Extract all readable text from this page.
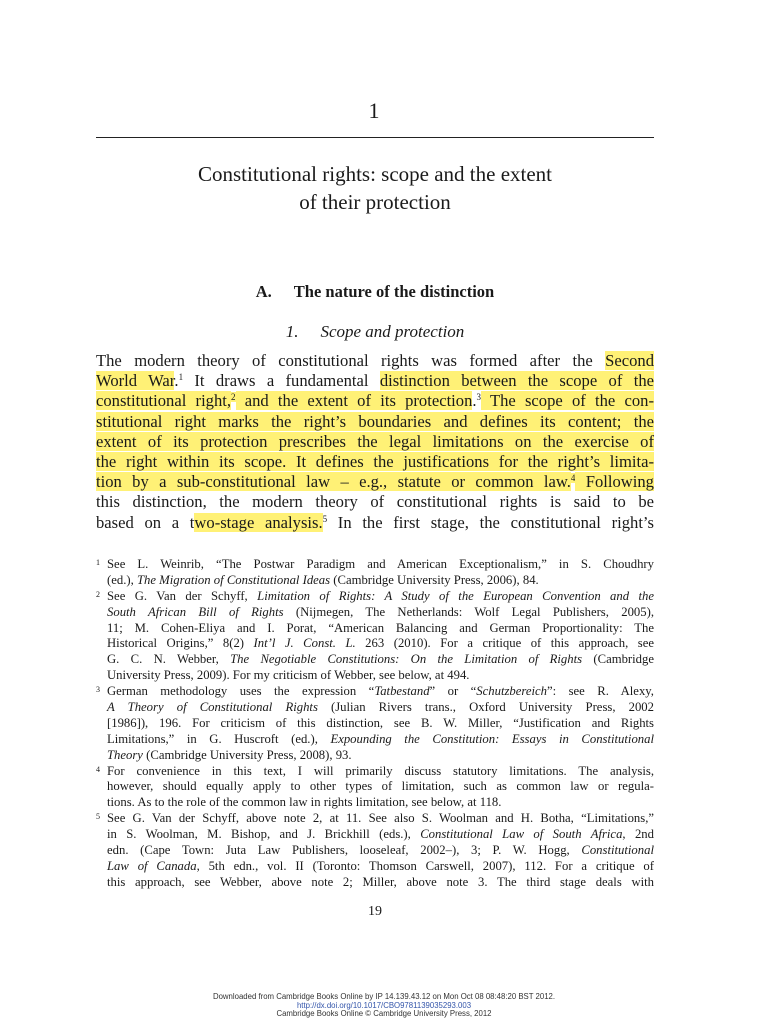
1
Constitutional rights: scope and the extent
of their protection
A. The nature of the distinction
1. Scope and protection
The modern theory of constitutional rights was formed after the Second
World War.$^1$ It draws a fundamental distinction between the scope of the
constitutional right,$^2$ and the extent of its protection.$^3$ The scope of the con-
stitutional right marks the right’s boundaries and defines its content; the
extent of its protection prescribes the legal limitations on the exercise of
the right within its scope. It defines the justifications for the right’s limita-
tion by a sub-constitutional law – e.g., statute or common law.$^4$ Following
this distinction, the modern theory of constitutional rights is said to be
based on a two-stage analysis.$^5$ In the first stage, the constitutional right’s
1 See L. Weinrib, “The Postwar Paradigm and American Exceptionalism,” in S. Choudhry
(ed.), The Migration of Constitutional Ideas (Cambridge University Press, 2006), 84.
2 See G. Van der Schyff, Limitation of Rights: A Study of the European Convention and the
South African Bill of Rights (Nijmegen, The Netherlands: Wolf Legal Publishers, 2005),
11; M. Cohen-Eliya and I. Porat, “American Balancing and German Proportionality: The
Historical Origins,” 8(2) Int’l J. Const. L. 263 (2010). For a critique of this approach, see
G. C. N. Webber, The Negotiable Constitutions: On the Limitation of Rights (Cambridge
University Press, 2009). For my criticism of Webber, see below, at 494.
3 German methodology uses the expression “Tatbestand” or “Schutzbereich”: see R. Alexy,
A Theory of Constitutional Rights (Julian Rivers trans., Oxford University Press, 2002
[1986]), 196. For criticism of this distinction, see B. W. Miller, “Justification and Rights
Limitations,” in G. Huscroft (ed.), Expounding the Constitution: Essays in Constitutional
Theory (Cambridge University Press, 2008), 93.
4 For convenience in this text, I will primarily discuss statutory limitations. The analysis,
however, should equally apply to other types of limitation, such as common law or regula-
tions. As to the role of the common law in rights limitation, see below, at 118.
5 See G. Van der Schyff, above note 2, at 11. See also S. Woolman and H. Botha, “Limitations,”
in S. Woolman, M. Bishop, and J. Brickhill (eds.), Constitutional Law of South Africa, 2nd
edn. (Cape Town: Juta Law Publishers, looseleaf, 2002–), 3; P. W. Hogg, Constitutional
Law of Canada, 5th edn., vol. II (Toronto: Thomson Carswell, 2007), 112. For a critique of
this approach, see Webber, above note 2; Miller, above note 3. The third stage deals with
19
Downloaded from Cambridge Books Online by IP 14.139.43.12 on Mon Oct 08 08:48:20 BST 2012.
http://dx.doi.org/10.1017/CBO9781139035293.003
Cambridge Books Online © Cambridge University Press, 2012
